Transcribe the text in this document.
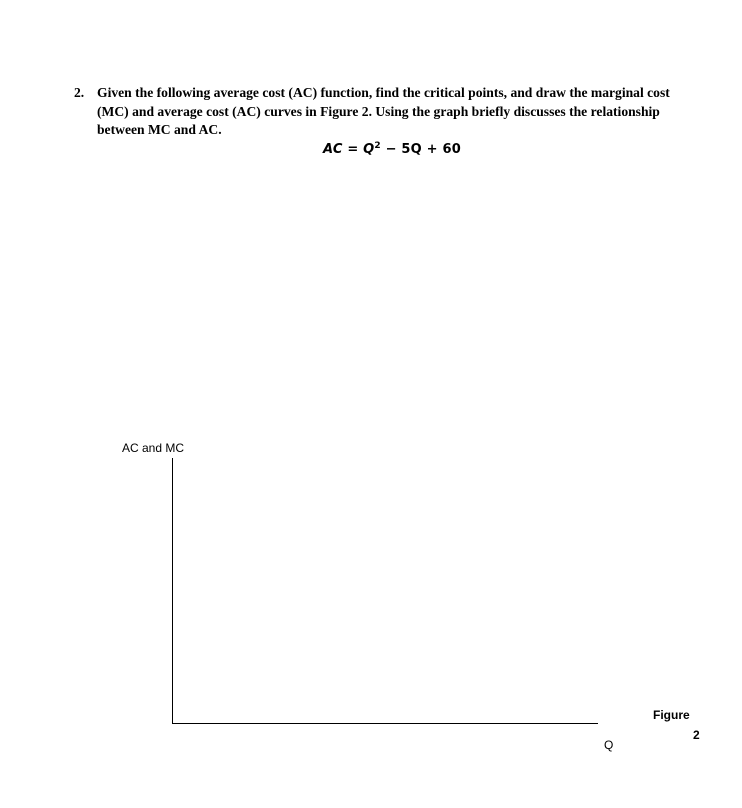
2. Given the following average cost (AC) function, find the critical points, and draw the marginal cost (MC) and average cost (AC) curves in Figure 2. Using the graph briefly discusses the relationship between MC and AC.
AC = $Q^2 - 5Q + 60$
AC and MC
Q
Figure
2
